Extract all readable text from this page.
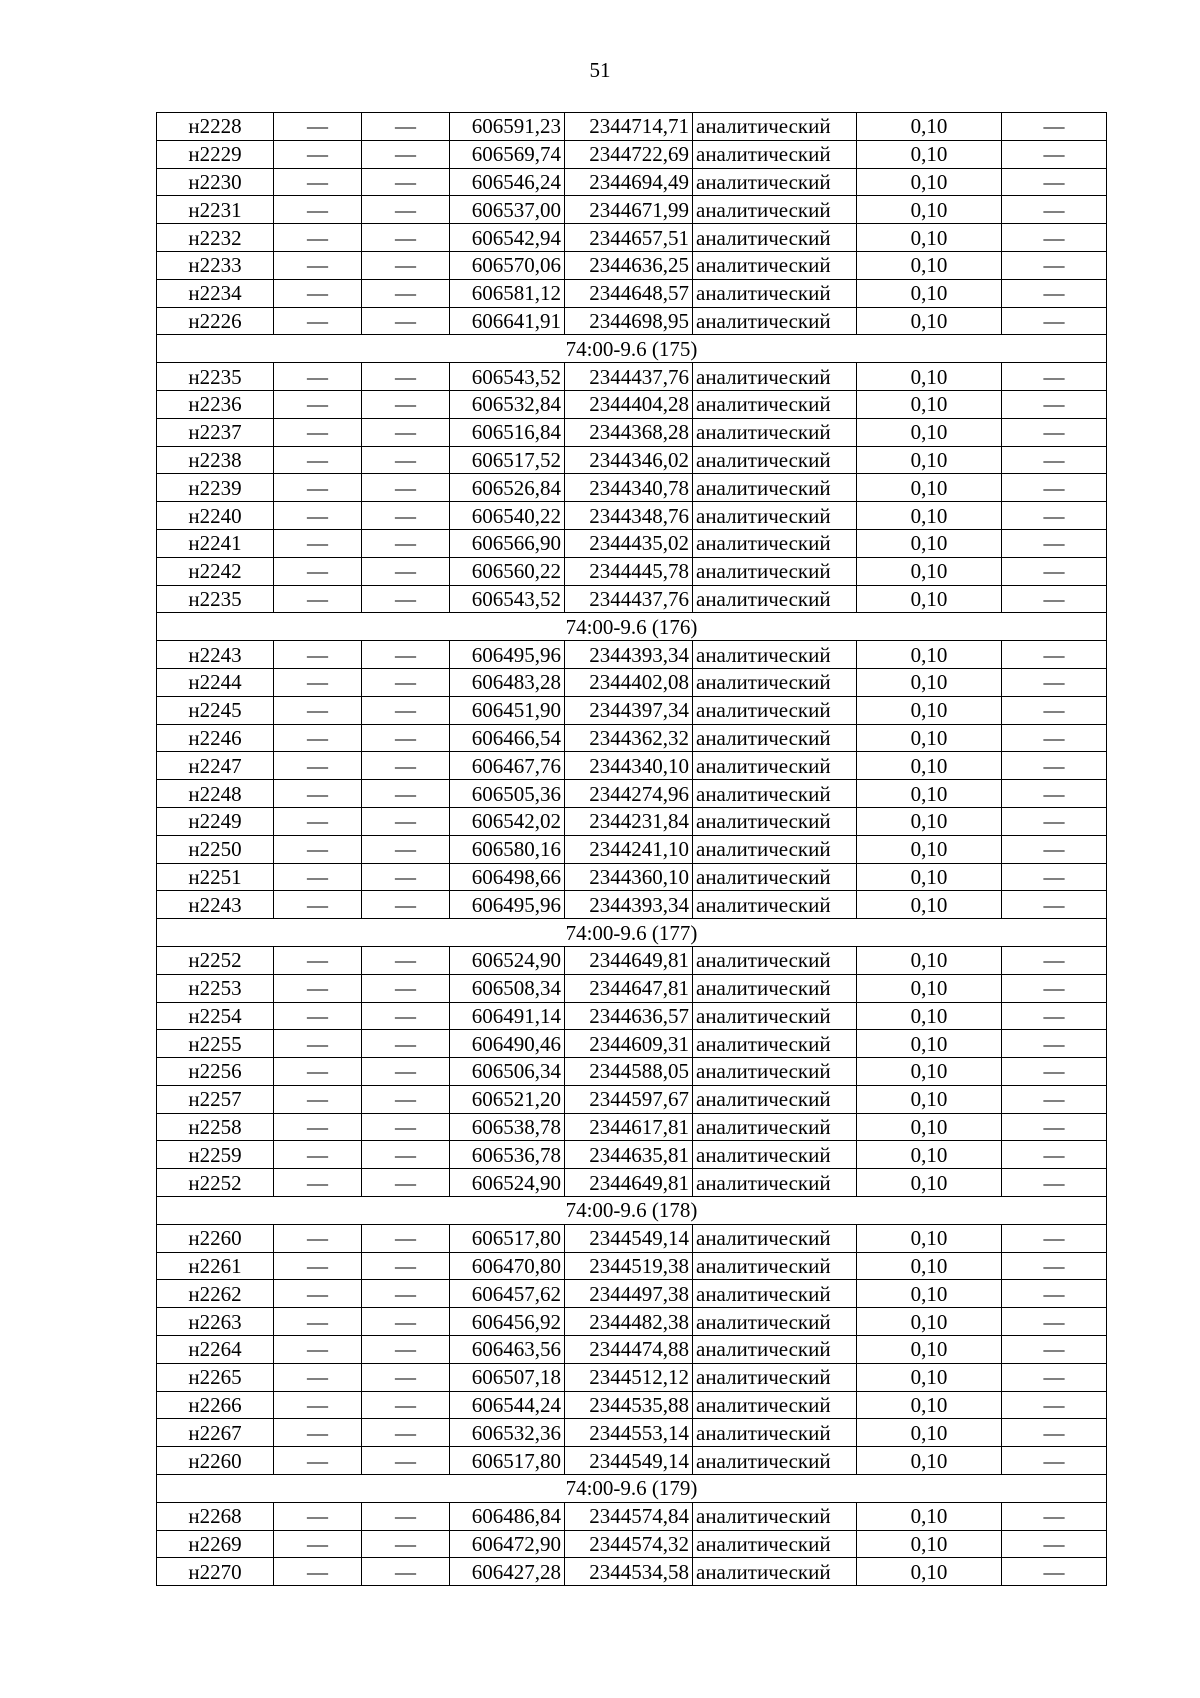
51
н2228	—	—	606591,23	2344714,71	аналитический	0,10	—
н2229	—	—	606569,74	2344722,69	аналитический	0,10	—
н2230	—	—	606546,24	2344694,49	аналитический	0,10	—
н2231	—	—	606537,00	2344671,99	аналитический	0,10	—
н2232	—	—	606542,94	2344657,51	аналитический	0,10	—
н2233	—	—	606570,06	2344636,25	аналитический	0,10	—
н2234	—	—	606581,12	2344648,57	аналитический	0,10	—
н2226	—	—	606641,91	2344698,95	аналитический	0,10	—
74:00-9.6 (175)							
н2235	—	—	606543,52	2344437,76	аналитический	0,10	—
н2236	—	—	606532,84	2344404,28	аналитический	0,10	—
н2237	—	—	606516,84	2344368,28	аналитический	0,10	—
н2238	—	—	606517,52	2344346,02	аналитический	0,10	—
н2239	—	—	606526,84	2344340,78	аналитический	0,10	—
н2240	—	—	606540,22	2344348,76	аналитический	0,10	—
н2241	—	—	606566,90	2344435,02	аналитический	0,10	—
н2242	—	—	606560,22	2344445,78	аналитический	0,10	—
н2235	—	—	606543,52	2344437,76	аналитический	0,10	—
74:00-9.6 (176)							
н2243	—	—	606495,96	2344393,34	аналитический	0,10	—
н2244	—	—	606483,28	2344402,08	аналитический	0,10	—
н2245	—	—	606451,90	2344397,34	аналитический	0,10	—
н2246	—	—	606466,54	2344362,32	аналитический	0,10	—
н2247	—	—	606467,76	2344340,10	аналитический	0,10	—
н2248	—	—	606505,36	2344274,96	аналитический	0,10	—
н2249	—	—	606542,02	2344231,84	аналитический	0,10	—
н2250	—	—	606580,16	2344241,10	аналитический	0,10	—
н2251	—	—	606498,66	2344360,10	аналитический	0,10	—
н2243	—	—	606495,96	2344393,34	аналитический	0,10	—
74:00-9.6 (177)							
н2252	—	—	606524,90	2344649,81	аналитический	0,10	—
н2253	—	—	606508,34	2344647,81	аналитический	0,10	—
н2254	—	—	606491,14	2344636,57	аналитический	0,10	—
н2255	—	—	606490,46	2344609,31	аналитический	0,10	—
н2256	—	—	606506,34	2344588,05	аналитический	0,10	—
н2257	—	—	606521,20	2344597,67	аналитический	0,10	—
н2258	—	—	606538,78	2344617,81	аналитический	0,10	—
н2259	—	—	606536,78	2344635,81	аналитический	0,10	—
н2252	—	—	606524,90	2344649,81	аналитический	0,10	—
74:00-9.6 (178)							
н2260	—	—	606517,80	2344549,14	аналитический	0,10	—
н2261	—	—	606470,80	2344519,38	аналитический	0,10	—
н2262	—	—	606457,62	2344497,38	аналитический	0,10	—
н2263	—	—	606456,92	2344482,38	аналитический	0,10	—
н2264	—	—	606463,56	2344474,88	аналитический	0,10	—
н2265	—	—	606507,18	2344512,12	аналитический	0,10	—
н2266	—	—	606544,24	2344535,88	аналитический	0,10	—
н2267	—	—	606532,36	2344553,14	аналитический	0,10	—
н2260	—	—	606517,80	2344549,14	аналитический	0,10	—
74:00-9.6 (179)							
н2268	—	—	606486,84	2344574,84	аналитический	0,10	—
н2269	—	—	606472,90	2344574,32	аналитический	0,10	—
н2270	—	—	606427,28	2344534,58	аналитический	0,10	—
